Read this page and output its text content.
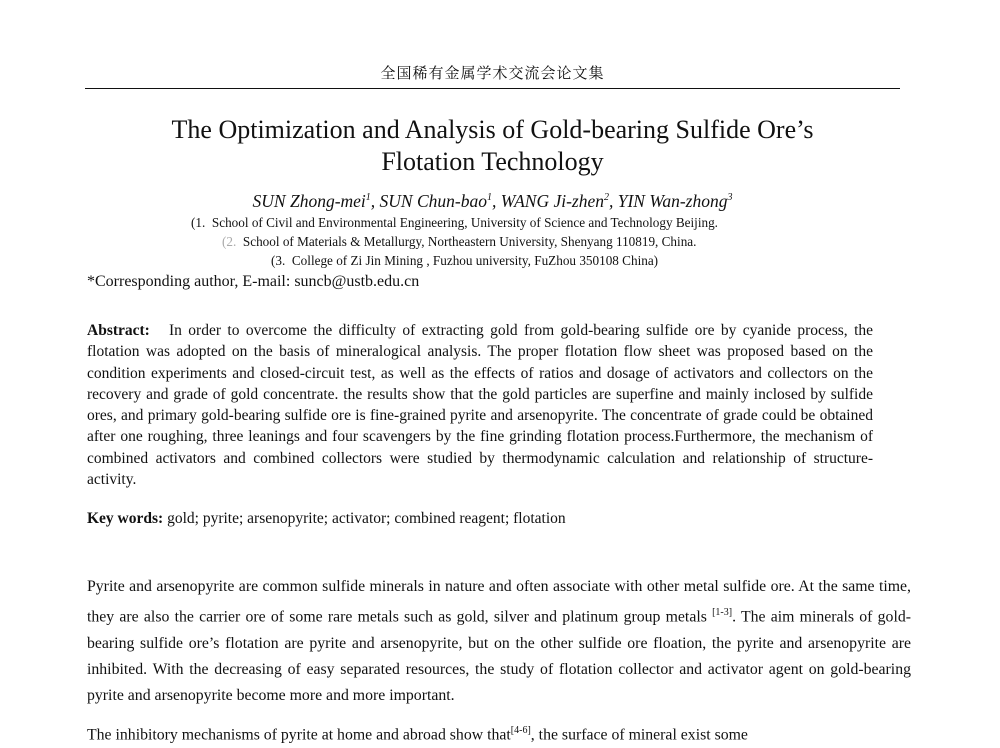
全国稀有金属学术交流会论文集
The Optimization and Analysis of Gold-bearing Sulfide Ore’s
Flotation Technology
SUN Zhong-mei$^1$, SUN Chun-bao$^1$, WANG Ji-zhen$^2$, YIN Wan-zhong$^3$
(1. School of Civil and Environmental Engineering, University of Science and Technology Beijing.
(2. School of Materials & Metallurgy, Northeastern University, Shenyang 110819, China.
(3. College of Zi Jin Mining , Fuzhou university, FuZhou 350108 China)
*Corresponding author, E-mail: suncb@ustb.edu.cn
Abstract: In order to overcome the difficulty of extracting gold from gold-bearing sulfide ore by cyanide process, the flotation was adopted on the basis of mineralogical analysis. The proper flotation flow sheet was proposed based on the condition experiments and closed-circuit test, as well as the effects of ratios and dosage of activators and collectors on the recovery and grade of gold concentrate. the results show that the gold particles are superfine and mainly inclosed by sulfide ores, and primary gold-bearing sulfide ore is fine-grained pyrite and arsenopyrite. The concentrate of grade could be obtained after one roughing, three leanings and four scavengers by the fine grinding flotation process.Furthermore, the mechanism of combined activators and combined collectors were studied by thermodynamic calculation and relationship of structure-activity.
Key words: gold; pyrite; arsenopyrite; activator; combined reagent; flotation
Pyrite and arsenopyrite are common sulfide minerals in nature and often associate with other metal sulfide ore. At the same time, they are also the carrier ore of some rare metals such as gold, silver and platinum group metals [1-3]. The aim minerals of gold-bearing sulfide ore’s flotation are pyrite and arsenopyrite, but on the other sulfide ore floation, the pyrite and arsenopyrite are inhibited. With the decreasing of easy separated resources, the study of flotation collector and activator agent on gold-bearing pyrite and arsenopyrite become more and more important.
The inhibitory mechanisms of pyrite at home and abroad show that[4-6], the surface of mineral exist some
